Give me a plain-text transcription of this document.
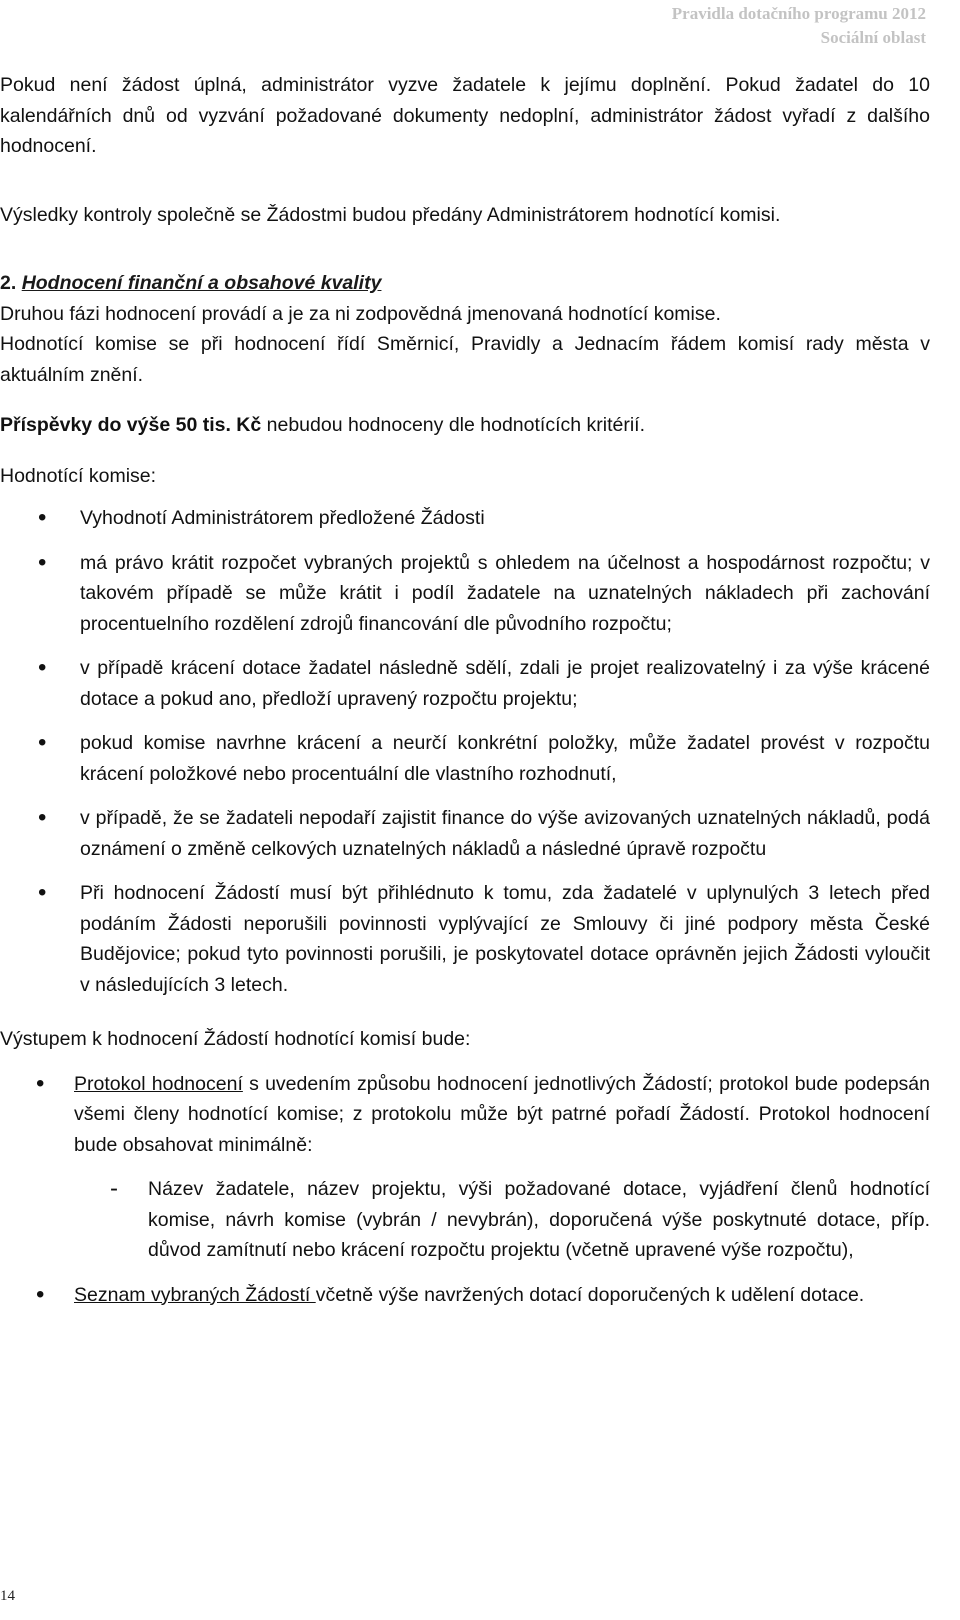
Pravidla dotačního programu 2012
Sociální oblast

Pokud není žádost úplná, administrátor vyzve žadatele k jejímu doplnění. Pokud žadatel do 10 kalendářních dnů od vyzvání požadované dokumenty nedoplní, administrátor žádost vyřadí z dalšího hodnocení.

Výsledky kontroly společně se Žádostmi budou předány Administrátorem hodnotící komisi.

2. Hodnocení finanční a obsahové kvality

Druhou fázi hodnocení provádí a je za ni zodpovědná jmenovaná hodnotící komise.

Hodnotící komise se při hodnocení řídí Směrnicí, Pravidly a Jednacím řádem komisí rady města v aktuálním znění.

Příspěvky do výše 50 tis. Kč nebudou hodnoceny dle hodnotících kritérií.

Hodnotící komise:

• Vyhodnotí Administrátorem předložené Žádosti
• má právo krátit rozpočet vybraných projektů s ohledem na účelnost a hospodárnost rozpočtu; v takovém případě se může krátit i podíl žadatele na uznatelných nákladech při zachování procentuelního rozdělení zdrojů financování dle původního rozpočtu;
• v případě krácení dotace žadatel následně sdělí, zdali je projet realizovatelný i za výše krácené dotace a pokud ano, předloží upravený rozpočtu projektu;
• pokud komise navrhne krácení a neurčí konkrétní položky, může žadatel provést v rozpočtu krácení položkové nebo procentuální dle vlastního rozhodnutí,
• v případě, že se žadateli nepodaří zajistit finance do výše avizovaných uznatelných nákladů, podá oznámení o změně celkových uznatelných nákladů a následné úpravě rozpočtu
• Při hodnocení Žádostí musí být přihlédnuto k tomu, zda žadatelé v uplynulých 3 letech před podáním Žádosti neporušili povinnosti vyplývající ze Smlouvy či jiné podpory města České Budějovice; pokud tyto povinnosti porušili, je poskytovatel dotace oprávněn jejich Žádosti vyloučit v následujících 3 letech.

Výstupem k hodnocení Žádostí hodnotící komisí bude:

• Protokol hodnocení s uvedením způsobu hodnocení jednotlivých Žádostí; protokol bude podepsán všemi členy hodnotící komise; z protokolu může být patrné pořadí Žádostí. Protokol hodnocení bude obsahovat minimálně:
- Název žadatele, název projektu, výši požadované dotace, vyjádření členů hodnotící komise, návrh komise (vybrán / nevybrán), doporučená výše poskytnuté dotace, příp. důvod zamítnutí nebo krácení rozpočtu projektu (včetně upravené výše rozpočtu),
• Seznam vybraných Žádostí včetně výše navržených dotací doporučených k udělení dotace.
14
